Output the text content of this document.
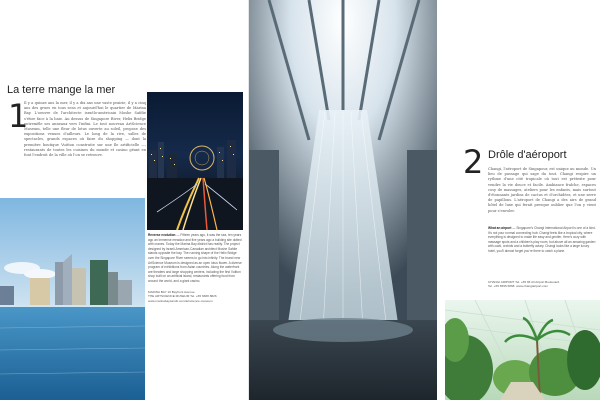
La terre mange la mer
1
Il y a quinze ans la mer, il y a dix ans une vaste prairie, il y a cinq ans des grues en tous sens et aujourd'hui le quartier de Marina Bay. L'oeuvre de l'architecte israélo-américain Moshe Safdie s'étire face à la baie. Au dessus de Singapore River, Helix Bridge entremêle ses anneaux vers l'infini. Le tout nouveau ArtScience Museum, telle une fleur de lotus ouverte au soleil, propose des expositions venues d'ailleurs. Le long de la rive, salles de spectacles, grands espaces où faire du shopping — dont la première boutique Vuitton construite sur une île artificielle —, restaurants de toutes les cuisines du monde et casino géant en font l'endroit de la ville où l'on se retrouve.
Reverse evolution — Fifteen years ago, it was the sea, ten years ago an immense meadow and five years ago a building site dotted with cranes. Today the Marina Bay district has reality. The project designed by Israeli-American-Canadian architect Moshe Safdie stands opposite the bay. The running shape of the Helix Bridge over the Singapore River seems to go into infinity. The brand new ArtScience Museum is designed as an open lotus flower. A diverse program of exhibitions from Asian countries. Along the waterfront are theaters and large shopping centers, including the first Vuitton shop built on an artificial island, restaurants offering food from around the world, and a giant casino.
MARINA BAY 10 Bayfront Avenue.
THE ARTSCIENCE MUSEUM Tel. +65 6688 8826
www.marinabaysands.com/artscience-museum
2 Drôle d'aéroport
Changi, l'aéroport de Singapour, est unique au monde. Un lieu de passage qui sage du tout. Changi respire un rythme d'une cité tropicale où tout est prétexte pour vendre la vie douce et facile. Ambiance fraîche, espaces cosy de massages, ateliers pour les enfants, mais surtout d'étonnants jardins de cactus et d'orchidées, et une serre de papillons. L'aéroport de Changi a des airs de grand hôtel de luxe qui ferait presque oublier que l'on y vient pour s'envoler.
What an airport — Singapore's Changi International Airport is one of a kind. It's not your normal connecting hub: Changi feels like a tropical city, where everything is designed to make life easy and gentler. Here's cozy with massage spots and a children's play room, but above all an amazing garden with cacti, orchids and a butterfly aviary. Changi looks like a large luxury hotel, you'll almost forget you're there to catch a plane.
CHANGI AIRPORT Tel. +65 65 All Airport Boulevard.
Tel. +65 6595 6868. www.changiairport.com
